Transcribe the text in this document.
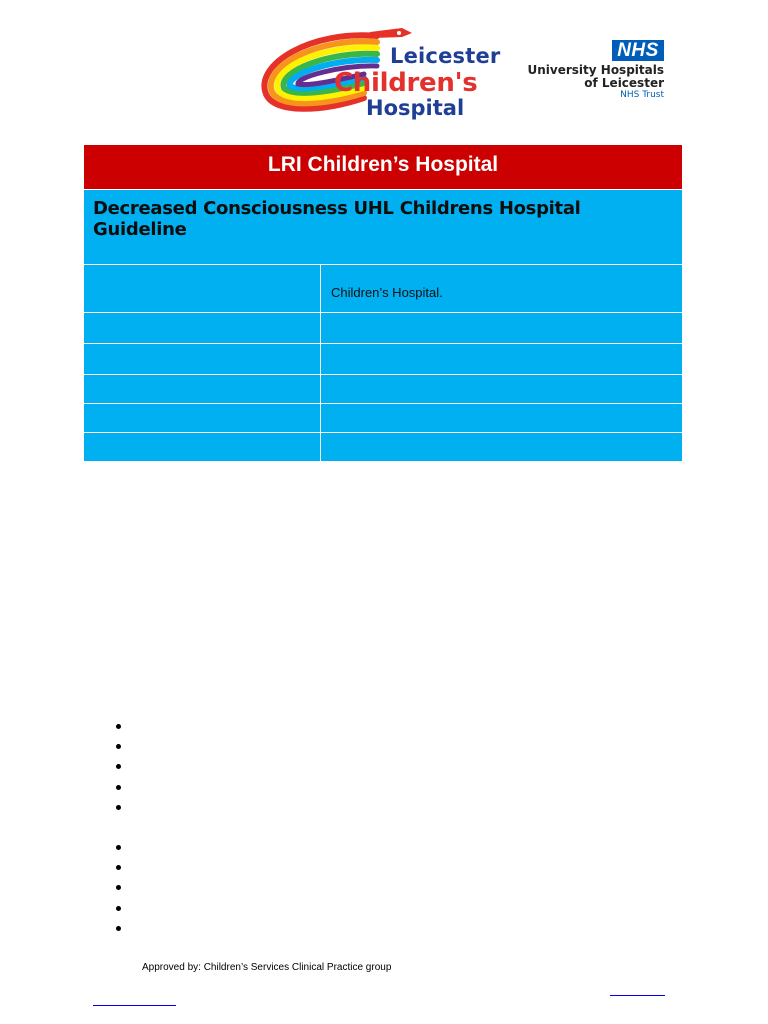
Leicester
Children's
Hospital
NHS
University Hospitals
of Leicester
NHS Trust
LRI Children’s Hospital
Decreased Consciousness UHL Childrens Hospital Guideline
Children’s Hospital.
Approved by: Children’s Services Clinical Practice group
